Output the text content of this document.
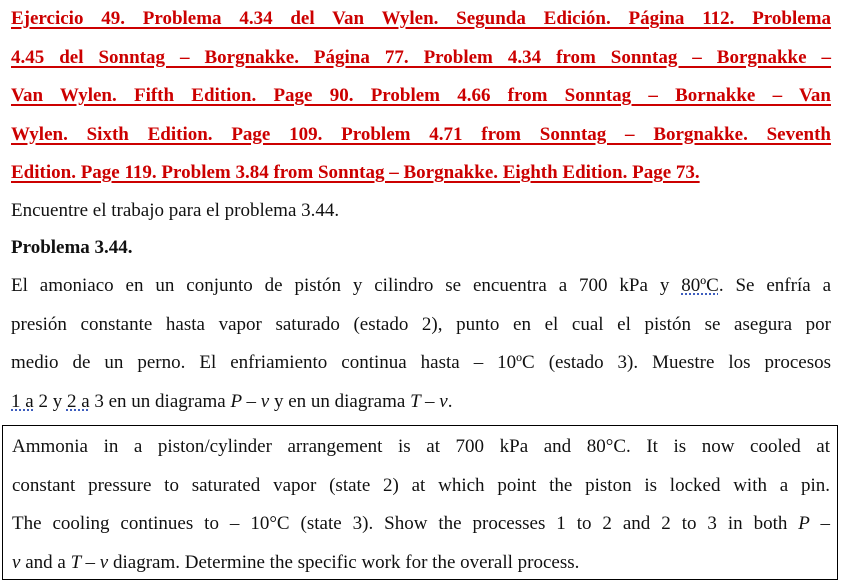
Ejercicio 49. Problema 4.34 del Van Wylen. Segunda Edición. Página 112. Problema
4.45 del Sonntag – Borgnakke. Página 77. Problem 4.34 from Sonntag – Borgnakke –
Van Wylen. Fifth Edition. Page 90. Problem 4.66 from Sonntag – Bornakke – Van
Wylen. Sixth Edition. Page 109. Problem 4.71 from Sonntag – Borgnakke. Seventh
Edition. Page 119. Problem 3.84 from Sonntag – Borgnakke. Eighth Edition. Page 73.
Encuentre el trabajo para el problema 3.44.
Problema 3.44.
El amoniaco en un conjunto de pistón y cilindro se encuentra a 700 kPa y 80ºC. Se enfría a
presión constante hasta vapor saturado (estado 2), punto en el cual el pistón se asegura por
medio de un perno. El enfriamiento continua hasta – 10ºC (estado 3). Muestre los procesos
1 a 2 y 2 a 3 en un diagrama P – v y en un diagrama T – v.
Ammonia in a piston/cylinder arrangement is at 700 kPa and 80°C. It is now cooled at
constant pressure to saturated vapor (state 2) at which point the piston is locked with a pin.
The cooling continues to – 10°C (state 3). Show the processes 1 to 2 and 2 to 3 in both P –
v and a T – v diagram. Determine the specific work for the overall process.
